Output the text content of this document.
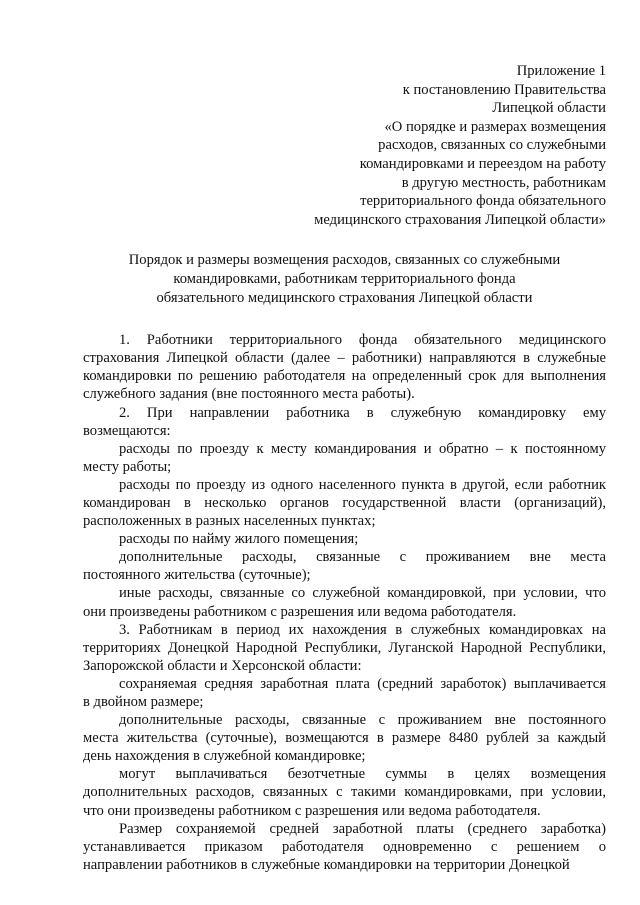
Приложение 1
к постановлению Правительства
Липецкой области
«О порядке и размерах возмещения
расходов, связанных со служебными
командировками и переездом на работу
в другую местность, работникам
территориального фонда обязательного
медицинского страхования Липецкой области»
Порядок и размеры возмещения расходов, связанных со служебными
командировками, работникам территориального фонда
обязательного медицинского страхования Липецкой области
1. Работники территориального фонда обязательного медицинского
страхования Липецкой области (далее – работники) направляются в служебные
командировки по решению работодателя на определенный срок для выполнения
служебного задания (вне постоянного места работы).
2. При направлении работника в служебную командировку ему
возмещаются:
расходы по проезду к месту командирования и обратно – к постоянному
месту работы;
расходы по проезду из одного населенного пункта в другой, если работник
командирован в несколько органов государственной власти (организаций),
расположенных в разных населенных пунктах;
расходы по найму жилого помещения;
дополнительные расходы, связанные с проживанием вне места
постоянного жительства (суточные);
иные расходы, связанные со служебной командировкой, при условии, что
они произведены работником с разрешения или ведома работодателя.
3. Работникам в период их нахождения в служебных командировках на
территориях Донецкой Народной Республики, Луганской Народной Республики,
Запорожской области и Херсонской области:
сохраняемая средняя заработная плата (средний заработок) выплачивается
в двойном размере;
дополнительные расходы, связанные с проживанием вне постоянного
места жительства (суточные), возмещаются в размере 8480 рублей за каждый
день нахождения в служебной командировке;
могут выплачиваться безотчетные суммы в целях возмещения
дополнительных расходов, связанных с такими командировками, при условии,
что они произведены работником с разрешения или ведома работодателя.
Размер сохраняемой средней заработной платы (среднего заработка)
устанавливается приказом работодателя одновременно с решением о
направлении работников в служебные командировки на территории Донецкой
